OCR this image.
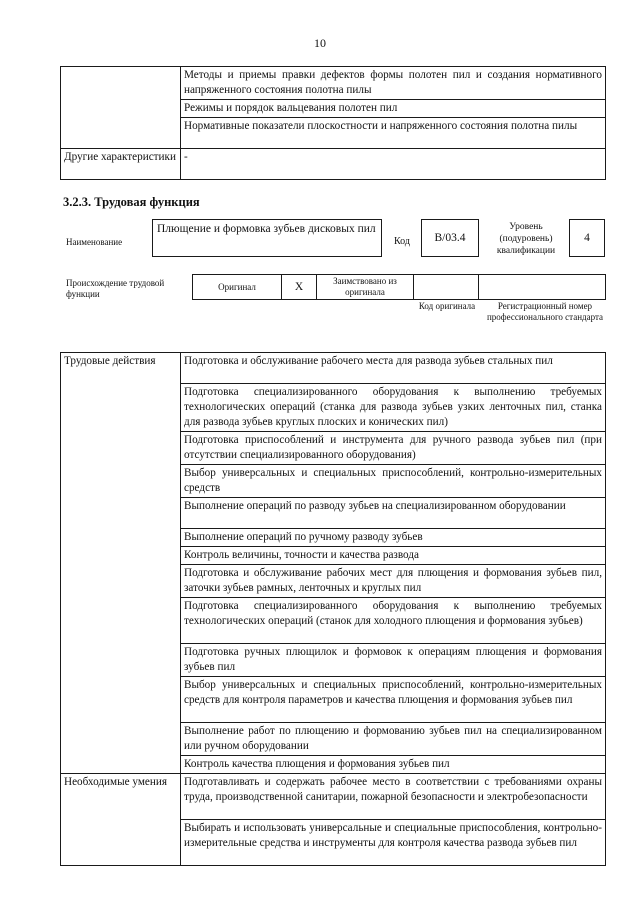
10
	Методы и приемы правки дефектов формы полотен пил и создания нормативного напряженного состояния полотна пилы
	Режимы и порядок вальцевания полотен пил
	Нормативные показатели плоскостности и напряженного состояния полотна пилы
Другие характеристики	-
3.2.3. Трудовая функция
Наименование
Плющение и формовка зубьев дисковых пил
Код В/03.4
Уровень (подуровень) квалификации
4
Происхождение трудовой функции
Оригинал	Х	Заимствовано из оригинала
Код оригинала	Регистрационный номер профессионального стандарта
Трудовые действия	Подготовка и обслуживание рабочего места для развода зубьев стальных пил
	Подготовка специализированного оборудования к выполнению требуемых технологических операций (станка для развода зубьев узких ленточных пил, станка для развода зубьев круглых плоских и конических пил)
	Подготовка приспособлений и инструмента для ручного развода зубьев пил (при отсутствии специализированного оборудования)
	Выбор универсальных и специальных приспособлений, контрольно-измерительных средств
	Выполнение операций по разводу зубьев на специализированном оборудовании
	Выполнение операций по ручному разводу зубьев
	Контроль величины, точности и качества развода
	Подготовка и обслуживание рабочих мест для плющения и формования зубьев пил, заточки зубьев рамных, ленточных и круглых пил
	Подготовка специализированного оборудования к выполнению требуемых технологических операций (станок для холодного плющения и формования зубьев)
	Подготовка ручных плющилок и формовок к операциям плющения и формования зубьев пил
	Выбор универсальных и специальных приспособлений, контрольно-измерительных средств для контроля параметров и качества плющения и формования зубьев пил
	Выполнение работ по плющению и формованию зубьев пил на специализированном или ручном оборудовании
	Контроль качества плющения и формования зубьев пил
Необходимые умения	Подготавливать и содержать рабочее место в соответствии с требованиями охраны труда, производственной санитарии, пожарной безопасности и электробезопасности
	Выбирать и использовать универсальные и специальные приспособления, контрольно-измерительные средства и инструменты для контроля качества развода зубьев пил
